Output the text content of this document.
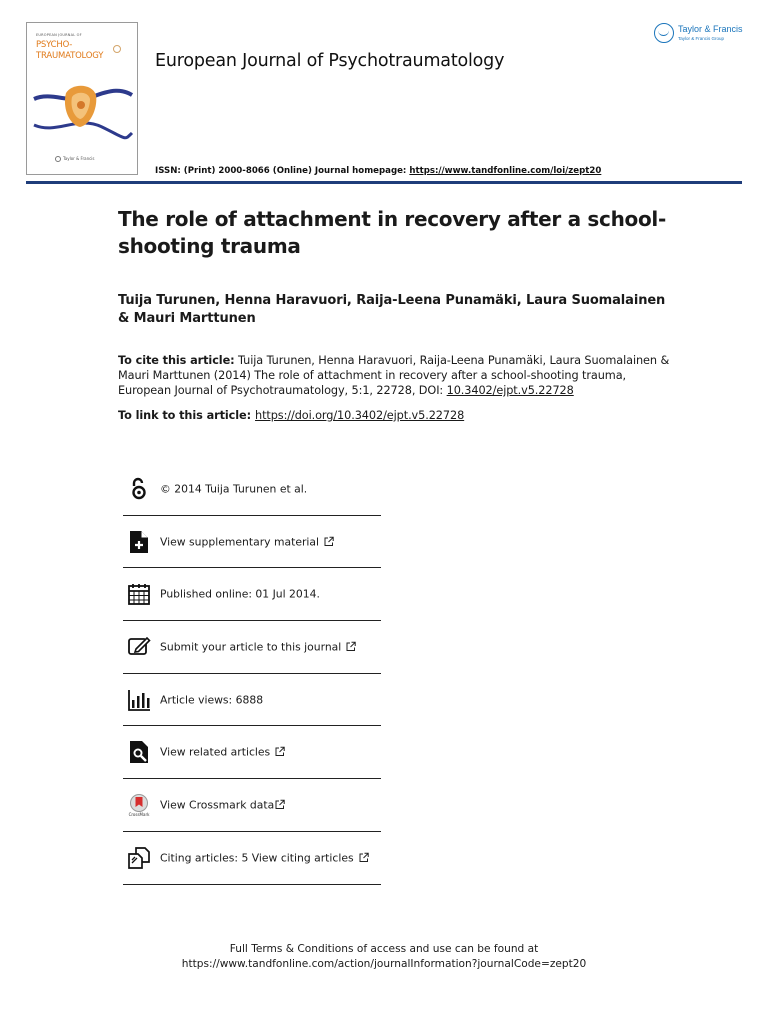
EUROPEAN JOURNAL OF
PSYCHO-
TRAUMATOLOGY
Taylor & Francis
European Journal of Psychotraumatology
Taylor & Francis
Taylor & Francis Group
ISSN: (Print) 2000-8066 (Online) Journal homepage: https://www.tandfonline.com/loi/zept20
The role of attachment in recovery after a school-shooting trauma
Tuija Turunen, Henna Haravuori, Raija-Leena Punamäki, Laura Suomalainen & Mauri Marttunen
To cite this article: Tuija Turunen, Henna Haravuori, Raija-Leena Punamäki, Laura Suomalainen & Mauri Marttunen (2014) The role of attachment in recovery after a school-shooting trauma, European Journal of Psychotraumatology, 5:1, 22728, DOI: 10.3402/ejpt.v5.22728
To link to this article: https://doi.org/10.3402/ejpt.v5.22728
© 2014 Tuija Turunen et al.
View supplementary material
Published online: 01 Jul 2014.
Submit your article to this journal
Article views: 6888
View related articles
CrossMark
View Crossmark data
Citing articles: 5 View citing articles
Full Terms & Conditions of access and use can be found at
https://www.tandfonline.com/action/journalInformation?journalCode=zept20
